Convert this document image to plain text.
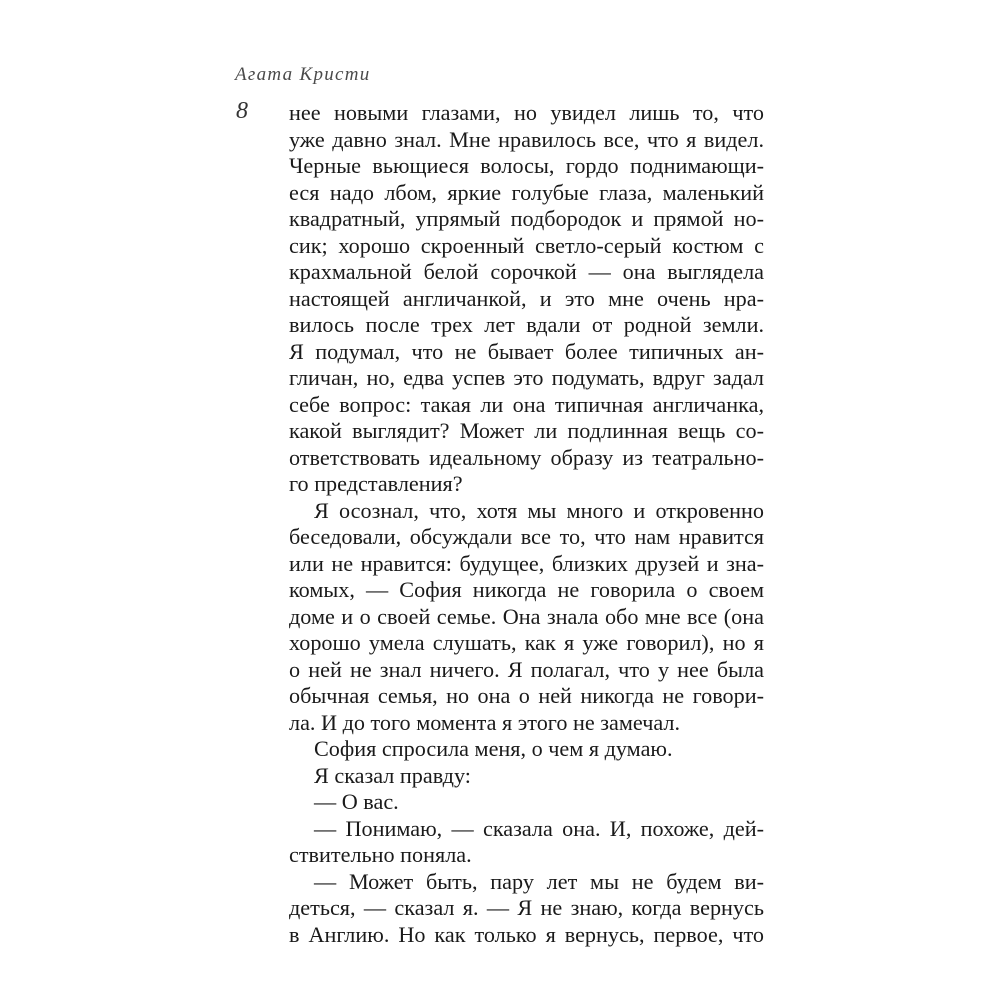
Агата Кристи
8 нее новыми глазами, но увидел лишь то, что
уже давно знал. Мне нравилось все, что я видел.
Черные вьющиеся волосы, гордо поднимающи-
еся надо лбом, яркие голубые глаза, маленький
квадратный, упрямый подбородок и прямой но-
сик; хорошо скроенный светло-серый костюм с
крахмальной белой сорочкой — она выглядела
настоящей англичанкой, и это мне очень нра-
вилось после трех лет вдали от родной земли.
Я подумал, что не бывает более типичных ан-
гличан, но, едва успев это подумать, вдруг задал
себе вопрос: такая ли она типичная англичанка,
какой выглядит? Может ли подлинная вещь со-
ответствовать идеальному образу из театрально-
го представления?
Я осознал, что, хотя мы много и откровенно
беседовали, обсуждали все то, что нам нравится
или не нравится: будущее, близких друзей и зна-
комых, — София никогда не говорила о своем
доме и о своей семье. Она знала обо мне все (она
хорошо умела слушать, как я уже говорил), но я
о ней не знал ничего. Я полагал, что у нее была
обычная семья, но она о ней никогда не говори-
ла. И до того момента я этого не замечал.
София спросила меня, о чем я думаю.
Я сказал правду:
— О вас.
— Понимаю, — сказала она. И, похоже, дей-
ствительно поняла.
— Может быть, пару лет мы не будем ви-
деться, — сказал я. — Я не знаю, когда вернусь
в Англию. Но как только я вернусь, первое, что
